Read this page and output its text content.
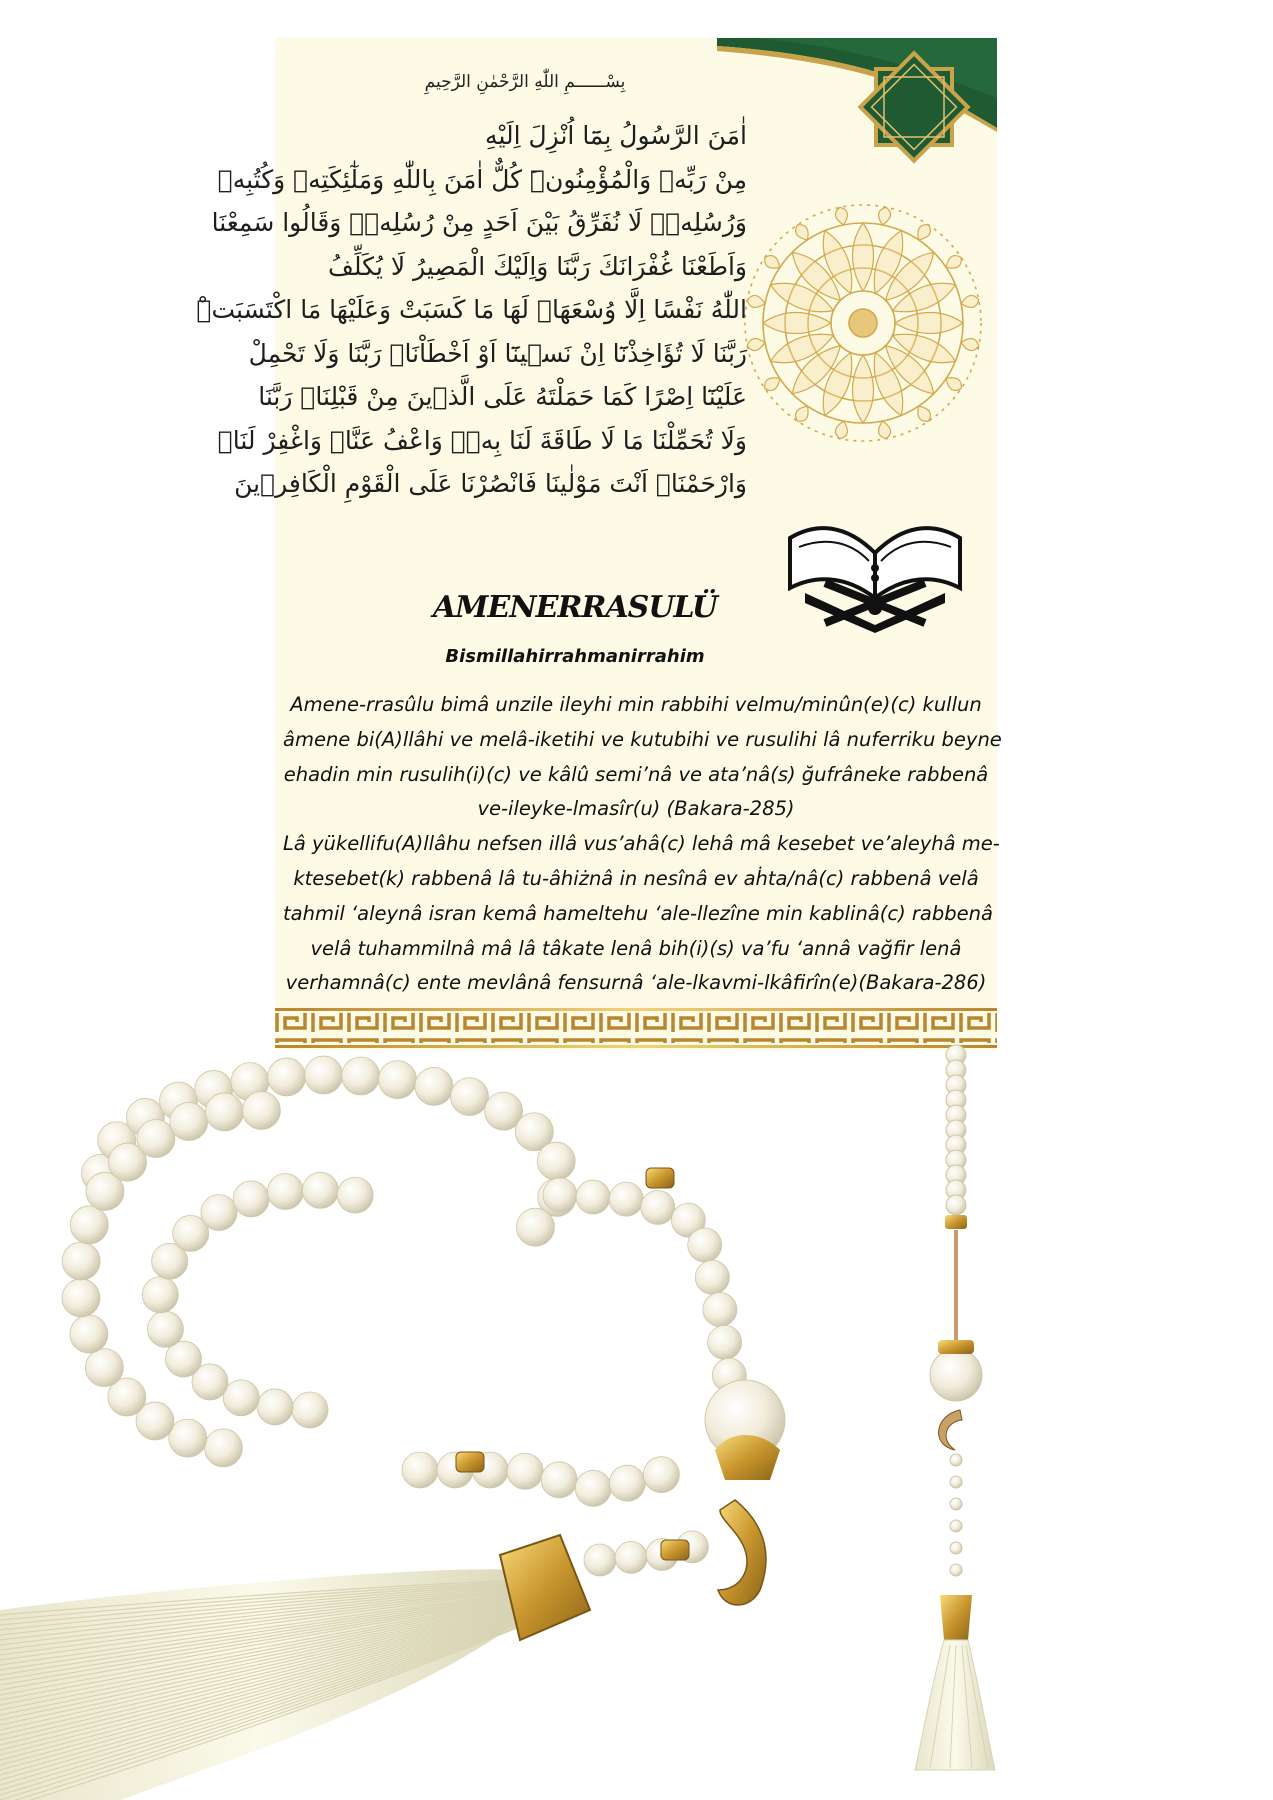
بِسْــــــمِ اللّٰهِ الرَّحْمٰنِ الرَّحِيمِ
اٰمَنَ الرَّسُولُ بِمَٓا اُنْزِلَ اِلَيْهِ
مِنْ رَبِّه۪ وَالْمُؤْمِنُونَۜ كُلٌّ اٰمَنَ بِاللّٰهِ وَمَلٰٓئِكَتِه۪ وَكُتُبِه۪
وَرُسُلِه۪ۜ لَا نُفَرِّقُ بَيْنَ اَحَدٍ مِنْ رُسُلِه۪ۜ وَقَالُوا سَمِعْنَا
وَاَطَعْنَا غُفْرَانَكَ رَبَّنَا وَاِلَيْكَ الْمَصِيرُ لَا يُكَلِّفُ
اللّٰهُ نَفْسًا اِلَّا وُسْعَهَاۜ لَهَا مَا كَسَبَتْ وَعَلَيْهَا مَا اكْتَسَبَتْۜ
رَبَّنَا لَا تُؤَاخِذْنَٓا اِنْ نَس۪ينَٓا اَوْ اَخْطَاْنَاۚ رَبَّنَا وَلَا تَحْمِلْ
عَلَيْنَٓا اِصْرًا كَمَا حَمَلْتَهُ عَلَى الَّذ۪ينَ مِنْ قَبْلِنَاۚ رَبَّنَا
وَلَا تُحَمِّلْنَا مَا لَا طَاقَةَ لَنَا بِه۪ۚ وَاعْفُ عَنَّاࣞ وَاغْفِرْ لَنَاࣞ
وَارْحَمْنَاࣞ اَنْتَ مَوْلٰينَا فَانْصُرْنَا عَلَى الْقَوْمِ الْكَافِر۪ينَ
AMENERRASULÜ
Bismillahirrahmanirrahim
Amene-rrasûlu bimâ unzile ileyhi min rabbihi velmu/minûn(e)(c) kullun
âmene bi(A)llâhi ve melâ-iketihi ve kutubihi ve rusulihi lâ nuferriku beyne
ehadin min rusulih(i)(c) ve kâlû semi’nâ ve ata’nâ(s) ğufrâneke rabbenâ
ve-ileyke-lmasîr(u) (Bakara-285)
Lâ yükellifu(A)llâhu nefsen illâ vus’ahâ(c) lehâ mâ kesebet ve’aleyhâ me-
ktesebet(k) rabbenâ lâ tu-âhiżnâ in nesînâ ev aḣta/nâ(c) rabbenâ velâ
tahmil ‘aleynâ isran kemâ hameltehu ‘ale-llezîne min kablinâ(c) rabbenâ
velâ tuhammilnâ mâ lâ tâkate lenâ bih(i)(s) va’fu ‘annâ vağfir lenâ
verhamnâ(c) ente mevlânâ fensurnâ ‘ale-lkavmi-lkâfirîn(e)(Bakara-286)
